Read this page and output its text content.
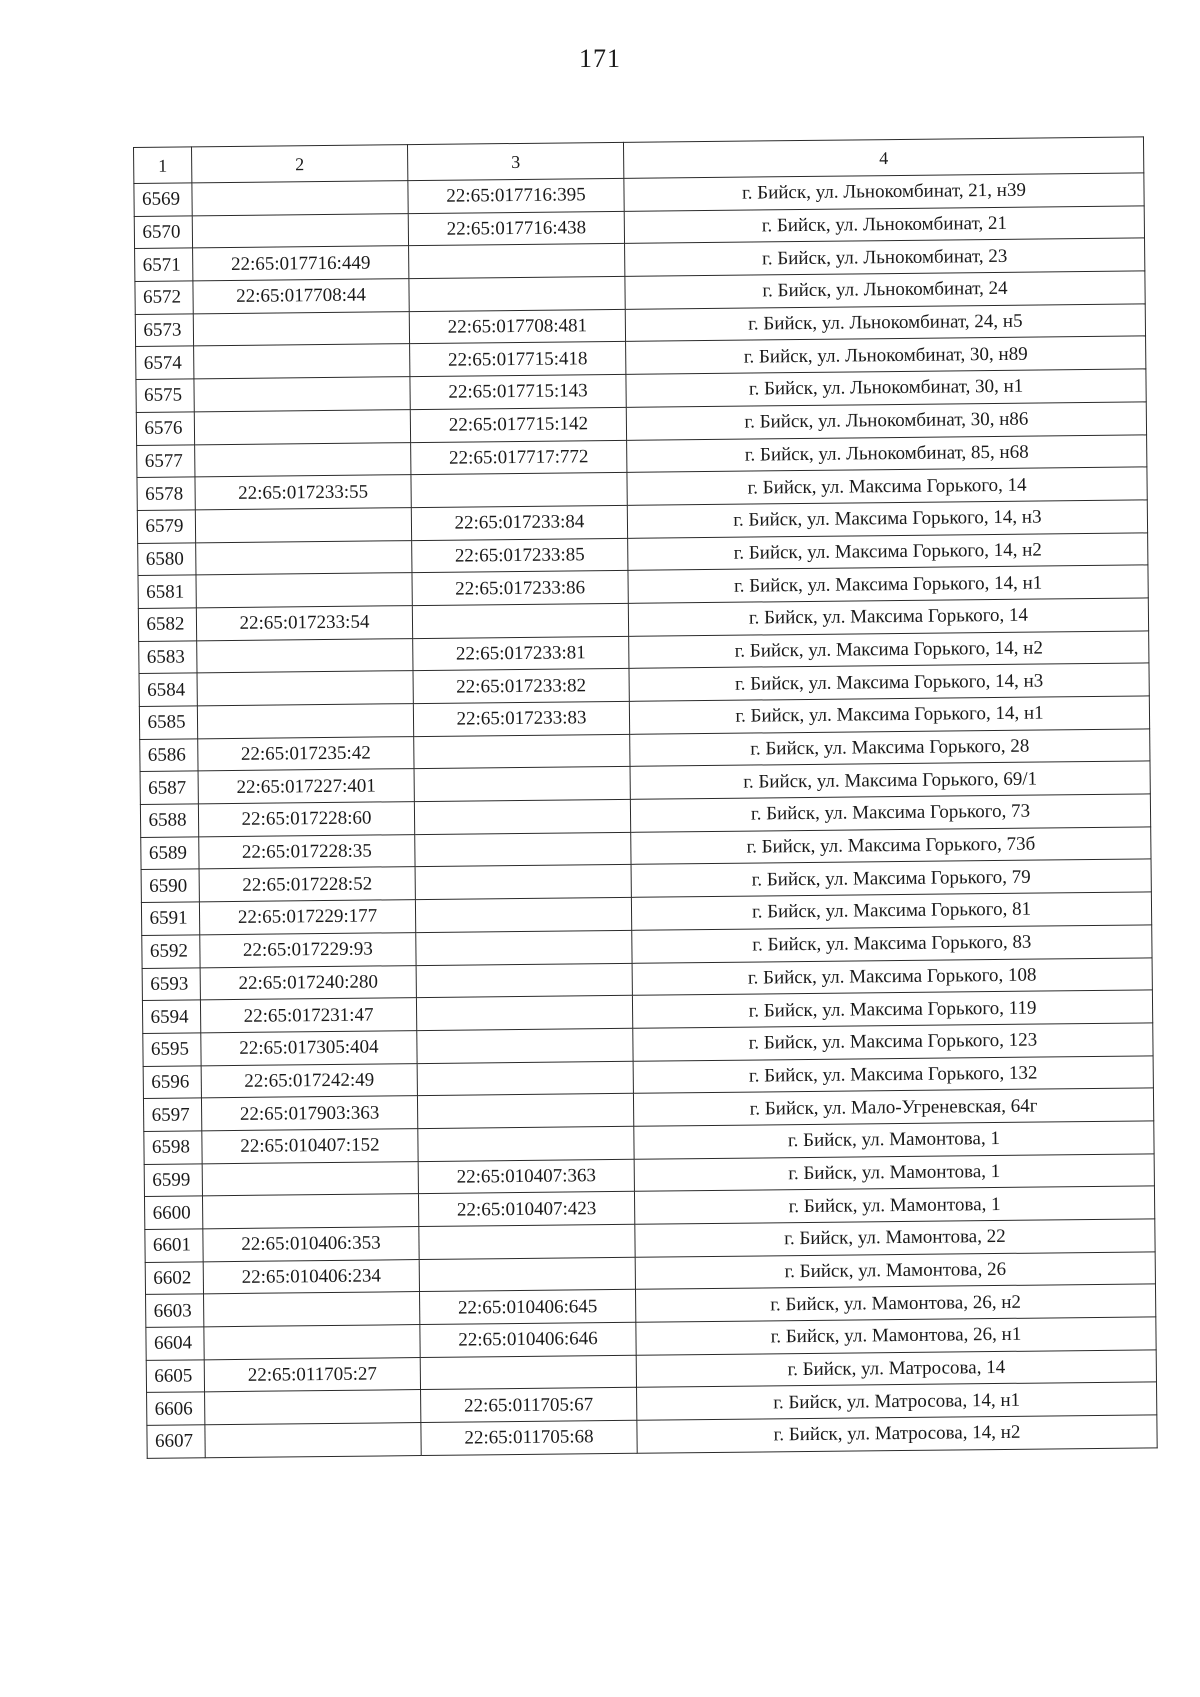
171
1	2	3	4
6569		22:65:017716:395	г. Бийск, ул. Льнокомбинат, 21, н39
6570		22:65:017716:438	г. Бийск, ул. Льнокомбинат, 21
6571	22:65:017716:449		г. Бийск, ул. Льнокомбинат, 23
6572	22:65:017708:44		г. Бийск, ул. Льнокомбинат, 24
6573		22:65:017708:481	г. Бийск, ул. Льнокомбинат, 24, н5
6574		22:65:017715:418	г. Бийск, ул. Льнокомбинат, 30, н89
6575		22:65:017715:143	г. Бийск, ул. Льнокомбинат, 30, н1
6576		22:65:017715:142	г. Бийск, ул. Льнокомбинат, 30, н86
6577		22:65:017717:772	г. Бийск, ул. Льнокомбинат, 85, н68
6578	22:65:017233:55		г. Бийск, ул. Максима Горького, 14
6579		22:65:017233:84	г. Бийск, ул. Максима Горького, 14, н3
6580		22:65:017233:85	г. Бийск, ул. Максима Горького, 14, н2
6581		22:65:017233:86	г. Бийск, ул. Максима Горького, 14, н1
6582	22:65:017233:54		г. Бийск, ул. Максима Горького, 14
6583		22:65:017233:81	г. Бийск, ул. Максима Горького, 14, н2
6584		22:65:017233:82	г. Бийск, ул. Максима Горького, 14, н3
6585		22:65:017233:83	г. Бийск, ул. Максима Горького, 14, н1
6586	22:65:017235:42		г. Бийск, ул. Максима Горького, 28
6587	22:65:017227:401		г. Бийск, ул. Максима Горького, 69/1
6588	22:65:017228:60		г. Бийск, ул. Максима Горького, 73
6589	22:65:017228:35		г. Бийск, ул. Максима Горького, 73б
6590	22:65:017228:52		г. Бийск, ул. Максима Горького, 79
6591	22:65:017229:177		г. Бийск, ул. Максима Горького, 81
6592	22:65:017229:93		г. Бийск, ул. Максима Горького, 83
6593	22:65:017240:280		г. Бийск, ул. Максима Горького, 108
6594	22:65:017231:47		г. Бийск, ул. Максима Горького, 119
6595	22:65:017305:404		г. Бийск, ул. Максима Горького, 123
6596	22:65:017242:49		г. Бийск, ул. Максима Горького, 132
6597	22:65:017903:363		г. Бийск, ул. Мало-Угреневская, 64г
6598	22:65:010407:152		г. Бийск, ул. Мамонтова, 1
6599		22:65:010407:363	г. Бийск, ул. Мамонтова, 1
6600		22:65:010407:423	г. Бийск, ул. Мамонтова, 1
6601	22:65:010406:353		г. Бийск, ул. Мамонтова, 22
6602	22:65:010406:234		г. Бийск, ул. Мамонтова, 26
6603		22:65:010406:645	г. Бийск, ул. Мамонтова, 26, н2
6604		22:65:010406:646	г. Бийск, ул. Мамонтова, 26, н1
6605	22:65:011705:27		г. Бийск, ул. Матросова, 14
6606		22:65:011705:67	г. Бийск, ул. Матросова, 14, н1
6607		22:65:011705:68	г. Бийск, ул. Матросова, 14, н2
